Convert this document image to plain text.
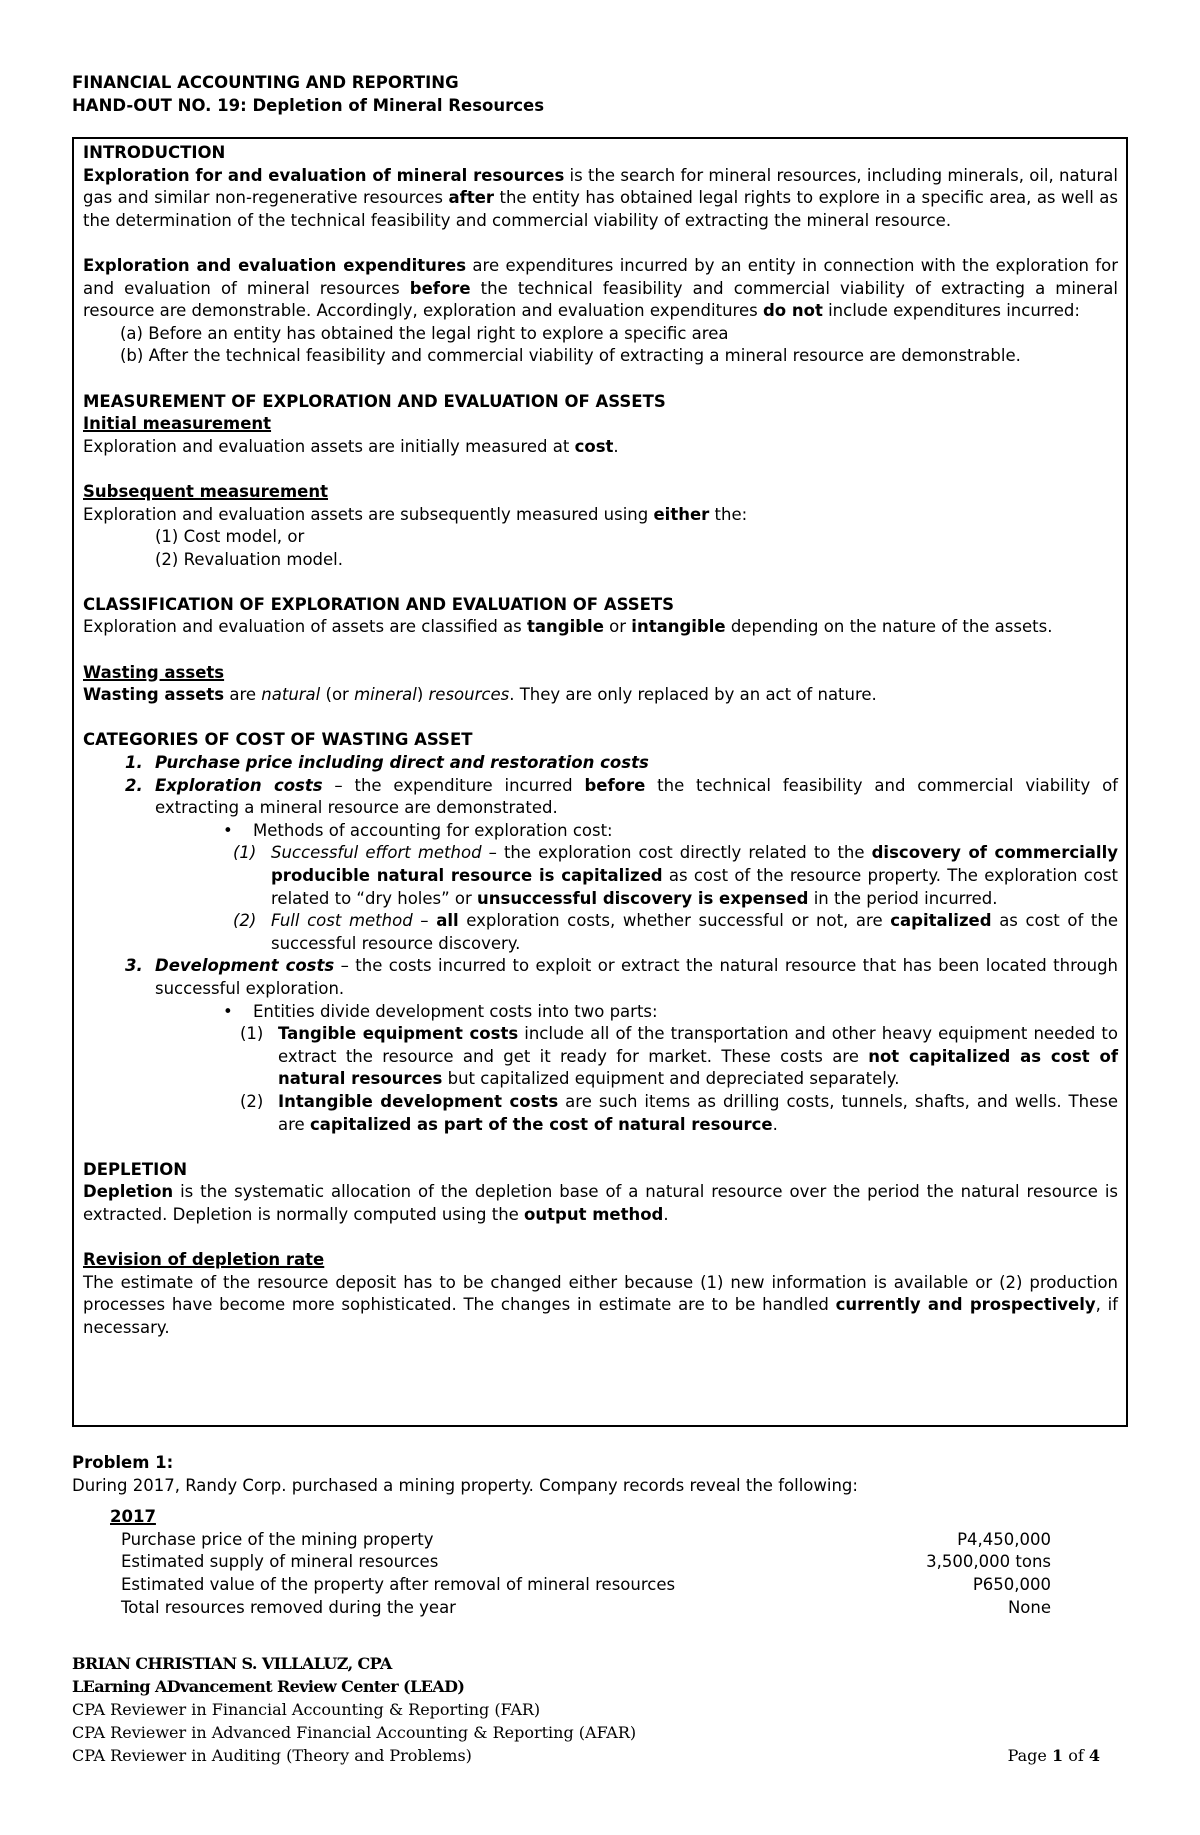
FINANCIAL ACCOUNTING AND REPORTING

HAND-OUT NO. 19: Depletion of Mineral Resources

INTRODUCTION

Exploration for and evaluation of mineral resources is the search for mineral resources, including minerals, oil, natural gas and similar non-regenerative resources after the entity has obtained legal rights to explore in a specific area, as well as the determination of the technical feasibility and commercial viability of extracting the mineral resource.

Exploration and evaluation expenditures are expenditures incurred by an entity in connection with the exploration for and evaluation of mineral resources before the technical feasibility and commercial viability of extracting a mineral resource are demonstrable. Accordingly, exploration and evaluation expenditures do not include expenditures incurred:

(a) Before an entity has obtained the legal right to explore a specific area
(b) After the technical feasibility and commercial viability of extracting a mineral resource are demonstrable.

MEASUREMENT OF EXPLORATION AND EVALUATION OF ASSETS

Initial measurement

Exploration and evaluation assets are initially measured at cost.

Subsequent measurement

Exploration and evaluation assets are subsequently measured using either the:

(1) Cost model, or

(2) Revaluation model.

CLASSIFICATION OF EXPLORATION AND EVALUATION OF ASSETS

Exploration and evaluation of assets are classified as tangible or intangible depending on the nature of the assets.

Wasting assets

Wasting assets are natural (or mineral) resources. They are only replaced by an act of nature.

CATEGORIES OF COST OF WASTING ASSET

1. Purchase price including direct and restoration costs
2. Exploration costs – the expenditure incurred before the technical feasibility and commercial viability of extracting a mineral resource are demonstrated.
•	Methods of accounting for exploration cost:
(1) Successful effort method – the exploration cost directly related to the discovery of commercially producible natural resource is capitalized as cost of the resource property. The exploration cost related to “dry holes” or unsuccessful discovery is expensed in the period incurred.
(2) Full cost method – all exploration costs, whether successful or not, are capitalized as cost of the successful resource discovery.
3. Development costs – the costs incurred to exploit or extract the natural resource that has been located through successful exploration.
•	Entities divide development costs into two parts:
(1) Tangible equipment costs include all of the transportation and other heavy equipment needed to extract the resource and get it ready for market. These costs are not capitalized as cost of natural resources but capitalized equipment and depreciated separately.
(2) Intangible development costs are such items as drilling costs, tunnels, shafts, and wells. These are capitalized as part of the cost of natural resource.

DEPLETION

Depletion is the systematic allocation of the depletion base of a natural resource over the period the natural resource is extracted. Depletion is normally computed using the output method.

Revision of depletion rate

The estimate of the resource deposit has to be changed either because (1) new information is available or (2) production processes have become more sophisticated. The changes in estimate are to be handled currently and prospectively, if necessary.

Problem 1:

During 2017, Randy Corp. purchased a mining property. Company records reveal the following:

2017
Purchase price of the mining property	P4,450,000
Estimated supply of mineral resources	3,500,000 tons
Estimated value of the property after removal of mineral resources	P650,000
Total resources removed during the year	None
BRIAN CHRISTIAN S. VILLALUZ, CPA
LEarning ADvancement Review Center (LEAD)
CPA Reviewer in Financial Accounting & Reporting (FAR)
CPA Reviewer in Advanced Financial Accounting & Reporting (AFAR)
CPA Reviewer in Auditing (Theory and Problems)	Page 1 of 4
